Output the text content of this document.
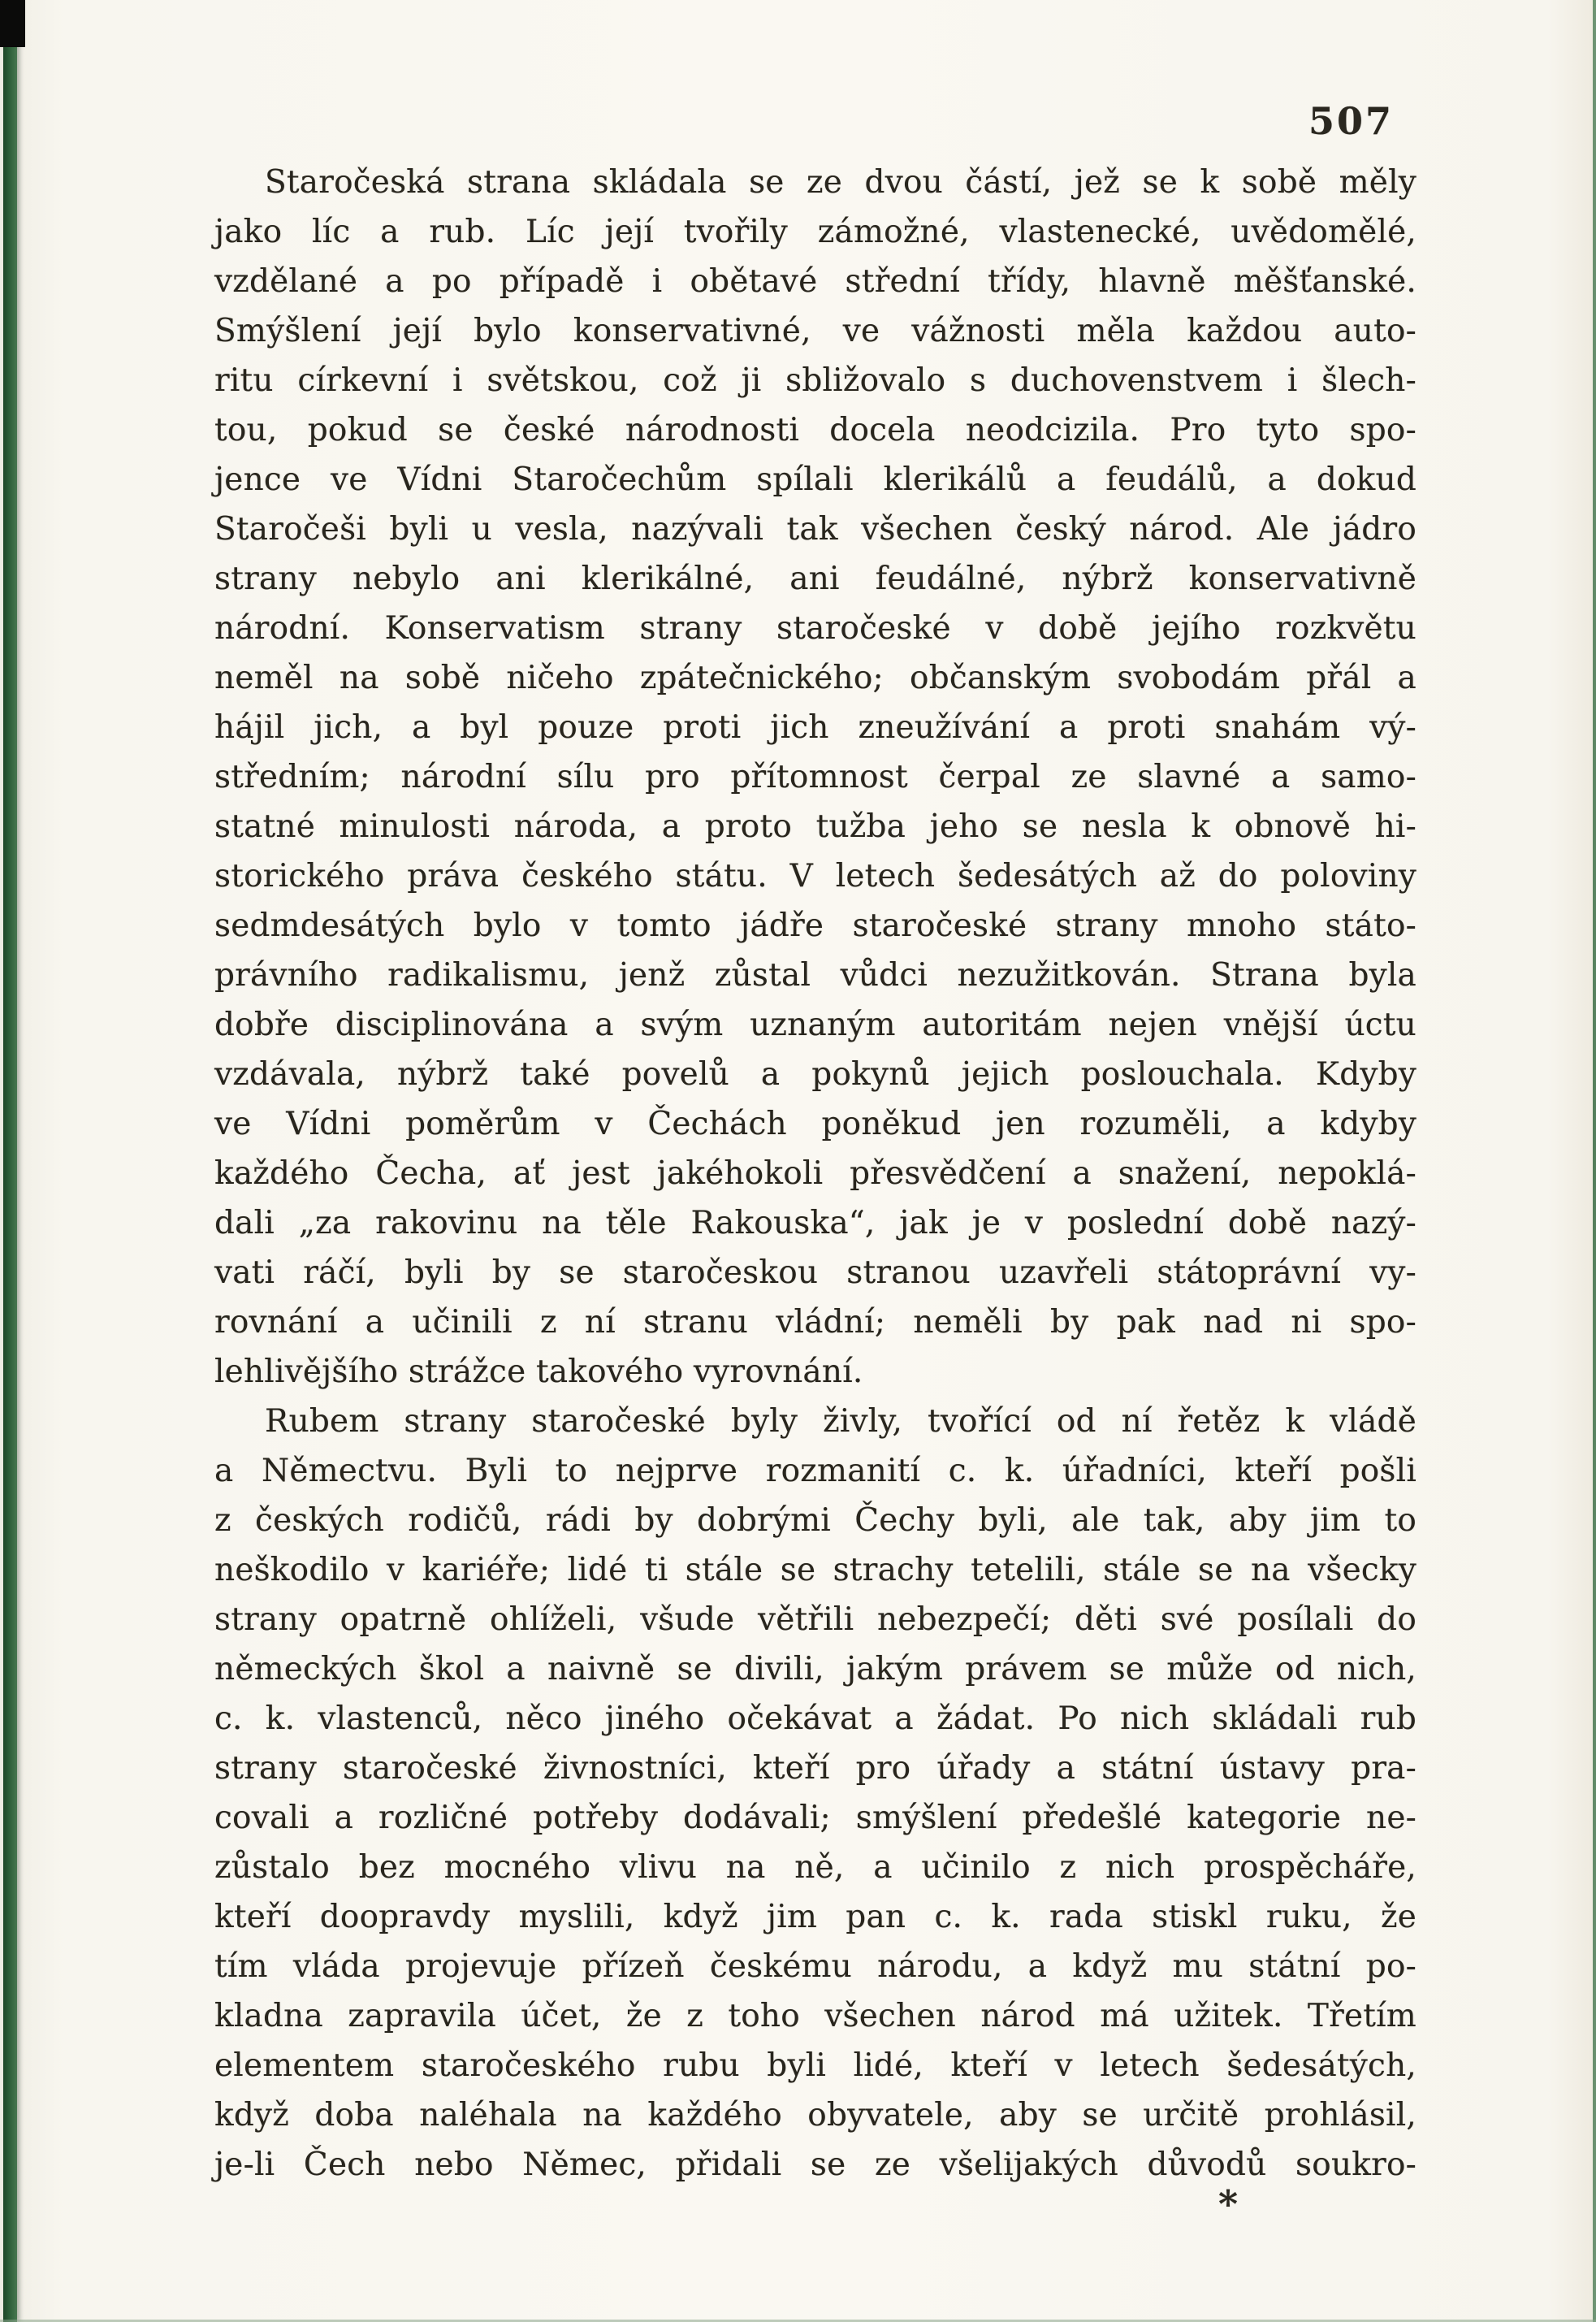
507
Staročeská strana skládala se ze dvou částí, jež se k sobě měly
jako líc a rub. Líc její tvořily zámožné, vlastenecké, uvědomělé,
vzdělané a po případě i obětavé střední třídy, hlavně měšťanské.
Smýšlení její bylo konservativné, ve vážnosti měla každou auto-
ritu církevní i světskou, což ji sbližovalo s duchovenstvem i šlech-
tou, pokud se české národnosti docela neodcizila. Pro tyto spo-
jence ve Vídni Staročechům spílali klerikálů a feudálů, a dokud
Staročeši byli u vesla, nazývali tak všechen český národ. Ale jádro
strany nebylo ani klerikálné, ani feudálné, nýbrž konservativně
národní. Konservatism strany staročeské v době jejího rozkvětu
neměl na sobě ničeho zpátečnického; občanským svobodám přál a
hájil jich, a byl pouze proti jich zneužívání a proti snahám vý-
středním; národní sílu pro přítomnost čerpal ze slavné a samo-
statné minulosti národa, a proto tužba jeho se nesla k obnově hi-
storického práva českého státu. V letech šedesátých až do poloviny
sedmdesátých bylo v tomto jádře staročeské strany mnoho státo-
právního radikalismu, jenž zůstal vůdci nezužitkován. Strana byla
dobře disciplinována a svým uznaným autoritám nejen vnější úctu
vzdávala, nýbrž také povelů a pokynů jejich poslouchala. Kdyby
ve Vídni poměrům v Čechách poněkud jen rozuměli, a kdyby
každého Čecha, ať jest jakéhokoli přesvědčení a snažení, nepoklá-
dali „za rakovinu na těle Rakouska“, jak je v poslední době nazý-
vati ráčí, byli by se staročeskou stranou uzavřeli státoprávní vy-
rovnání a učinili z ní stranu vládní; neměli by pak nad ni spo-
lehlivějšího strážce takového vyrovnání.
Rubem strany staročeské byly živly, tvořící od ní řetěz k vládě
a Němectvu. Byli to nejprve rozmanití c. k. úřadníci, kteří pošli
z českých rodičů, rádi by dobrými Čechy byli, ale tak, aby jim to
neškodilo v kariéře; lidé ti stále se strachy tetelili, stále se na všecky
strany opatrně ohlíželi, všude větřili nebezpečí; děti své posílali do
německých škol a naivně se divili, jakým právem se může od nich,
c. k. vlastenců, něco jiného očekávat a žádat. Po nich skládali rub
strany staročeské živnostníci, kteří pro úřady a státní ústavy pra-
covali a rozličné potřeby dodávali; smýšlení předešlé kategorie ne-
zůstalo bez mocného vlivu na ně, a učinilo z nich prospěcháře,
kteří doopravdy myslili, když jim pan c. k. rada stiskl ruku, že
tím vláda projevuje přízeň českému národu, a když mu státní po-
kladna zapravila účet, že z toho všechen národ má užitek. Třetím
elementem staročeského rubu byli lidé, kteří v letech šedesátých,
když doba naléhala na každého obyvatele, aby se určitě prohlásil,
je-li Čech nebo Němec, přidali se ze všelijakých důvodů soukro-
*
